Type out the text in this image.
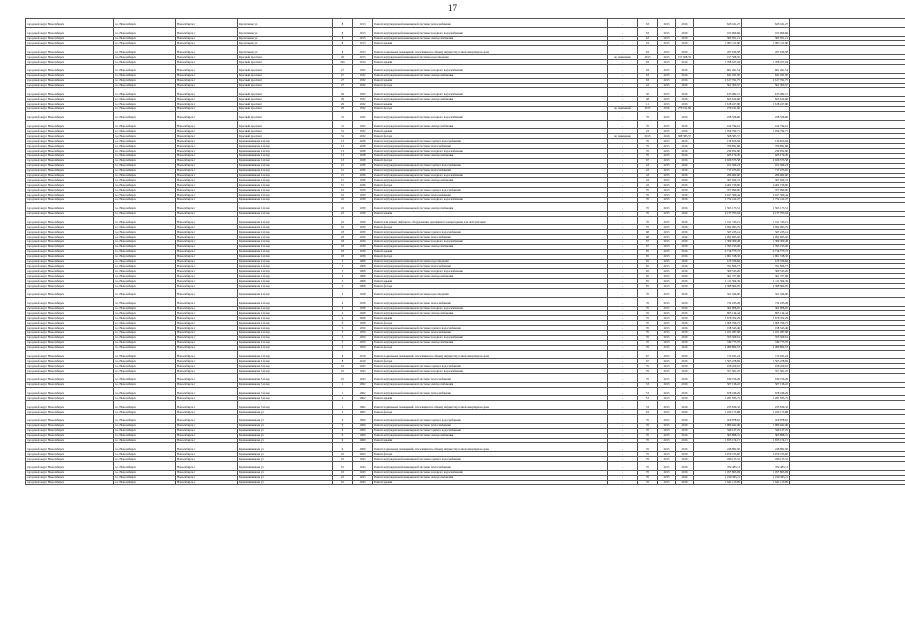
17
городской округ Новосибирск	г.о. Новосибирск	Новосибирск г	Кропоткина ул	8	1913	Ремонт внутридомовой инженерной системы теплоснабжения	-	63	2015	2016	645 161,27	645 161,27	
городской округ Новосибирск	г.о. Новосибирск	Новосибирск г	Кропоткина ул	8	1913	Ремонт внутридомовой инженерной системы холодного водоснабжения	-	63	2015	2016	163 960,69	163 960,69	
городской округ Новосибирск	г.о. Новосибирск	Новосибирск г	Кропоткина ул	8	1913	Ремонт внутридомовой инженерной системы электроснабжения	-	63	2015	2016	305 651,14	305 651,14	
городской округ Новосибирск	г.о. Новосибирск	Новосибирск г	Кропоткина ул	8	1913	Ремонт крыши	-	63	2015	2016	1 805 111,80	1 805 111,80	
городской округ Новосибирск	г.о. Новосибирск	Новосибирск г	Кропоткина ул	8	1913	Ремонт подвальных помещений, относящихся к общему имуществу в многоквартирном доме	-	63	2015	2016	267 630,58	267 630,58	
городской округ Новосибирск	г.о. Новосибирск	Новосибирск г	Красный проспект	20	1913	Ремонт внутридомовой инженерной системы водоотведения	по заявлению	2015	2015	157 508,35	157 508,35		
городской округ Новосибирск	г.о. Новосибирск	Новосибирск г	Красный проспект	20а	1914	Ремонт крыши	-	63	2015	2016	1 768 107,94	1 768 107,94	
городской округ Новосибирск	г.о. Новосибирск	Новосибирск г	Красный проспект	27	1932	Ремонт внутридомовой инженерной системы холодного водоснабжения	-	63	2015	2016	601 261,54	601 261,54	
городской округ Новосибирск	г.о. Новосибирск	Новосибирск г	Красный проспект	27	1932	Ремонт внутридомовой инженерной системы электроснабжения	-	63	2015	2016	641 031,56	641 031,56	
городской округ Новосибирск	г.о. Новосибирск	Новосибирск г	Красный проспект	27	1932	Ремонт крыши	-	63	2015	2016	1 617 761,75	1 617 761,75	
городской округ Новосибирск	г.о. Новосибирск	Новосибирск г	Красный проспект	27	1932	Ремонт фасада	-	43	2015	2016	561 303,57	561 303,57	
городской округ Новосибирск	г.о. Новосибирск	Новосибирск г	Красный проспект	29	1932	Ремонт внутридомовой инженерной системы холодного водоснабжения	-	50	2015	2016	613 082,15	613 082,15	
городской округ Новосибирск	г.о. Новосибирск	Новосибирск г	Красный проспект	29	1932	Ремонт внутридомовой инженерной системы электроснабжения	-	48	2015	2016	625 629,08	625 629,08	
городской округ Новосибирск	г.о. Новосибирск	Новосибирск г	Красный проспект	29	1932	Ремонт крыши	-	11	2015	2016	1 618 227,80	1 618 227,80	
городской округ Новосибирск	г.о. Новосибирск	Новосибирск г	Красный проспект	29	1932	Ремонт фасада	по заявлению	2015	2016	270 191,66	270 191,66		
городской округ Новосибирск	г.о. Новосибирск	Новосибирск г	Красный проспект	31	1932	Ремонт внутридомовой инженерной системы холодного водоснабжения	-	70	2015	2016	238 326,80	238 326,80	
городской округ Новосибирск	г.о. Новосибирск	Новосибирск г	Красный проспект	31	1932	Ремонт внутридомовой инженерной системы электроснабжения	-	70	2015	2016	414 794,61	414 794,61	
городской округ Новосибирск	г.о. Новосибирск	Новосибирск г	Красный проспект	31	1932	Ремонт крыши	-	23	2015	2016	1 059 792,71	1 059 792,71	
городской округ Новосибирск	г.о. Новосибирск	Новосибирск г	Красный проспект	31	1932	Ремонт фасада	по заявлению	2015	2016	568 383,57	568 383,57		
городской округ Новосибирск	г.о. Новосибирск	Новосибирск г	Крашенинникова 2-й пер	13	1928	Ремонт внутридомовой инженерной системы горячего водоснабжения	-	70	2015	2016	136 653,94	136 653,94	
городской округ Новосибирск	г.о. Новосибирск	Новосибирск г	Крашенинникова 2-й пер	13	1928	Ремонт внутридомовой инженерной системы теплоснабжения	-	70	2015	2016	769 891,66	769 891,66	
городской округ Новосибирск	г.о. Новосибирск	Новосибирск г	Крашенинникова 2-й пер	13	1928	Ремонт внутридомовой инженерной системы холодного водоснабжения	-	70	2015	2016	239 052,80	239 052,80	
городской округ Новосибирск	г.о. Новосибирск	Новосибирск г	Крашенинникова 2-й пер	13	1928	Ремонт внутридомовой инженерной системы электроснабжения	-	70	2015	2016	423 170,45	423 170,45	
городской округ Новосибирск	г.о. Новосибирск	Новосибирск г	Крашенинникова 2-й пер	13	1928	Ремонт фасада	-	67	2015	2016	2 026 575,58	2 026 575,58	
городской округ Новосибирск	г.о. Новосибирск	Новосибирск г	Крашенинникова 2-й пер	15	1936	Ремонт внутридомовой инженерной системы горячего водоснабжения	-	43	2015	2016	161 569,23	161 569,23	
городской округ Новосибирск	г.о. Новосибирск	Новосибирск г	Крашенинникова 2-й пер	15	1936	Ремонт внутридомовой инженерной системы теплоснабжения	-	43	2015	2016	717 473,65	717 473,65	
городской округ Новосибирск	г.о. Новосибирск	Новосибирск г	Крашенинникова 2-й пер	15	1936	Ремонт внутридомовой инженерной системы холодного водоснабжения	-	43	2015	2016	266 962,60	266 962,60	
городской округ Новосибирск	г.о. Новосибирск	Новосибирск г	Крашенинникова 2-й пер	15	1936	Ремонт внутридомовой инженерной системы электроснабжения	-	43	2015	2016	367 924,31	367 924,31	
городской округ Новосибирск	г.о. Новосибирск	Новосибирск г	Крашенинникова 2-й пер	15	1936	Ремонт фасада	-	43	2015	2016	2 402 726,60	2 402 726,60	
городской округ Новосибирск	г.о. Новосибирск	Новосибирск г	Крашенинникова 2-й пер	16	1939	Ремонт внутридомовой инженерной системы горячего водоснабжения	-	70	2015	2016	707 090,90	707 090,90	
городской округ Новосибирск	г.о. Новосибирск	Новосибирск г	Крашенинникова 2-й пер	16	1939	Ремонт внутридомовой инженерной системы теплоснабжения	-	70	2015	2016	2 107 560,44	2 107 560,44	
городской округ Новосибирск	г.о. Новосибирск	Новосибирск г	Крашенинникова 2-й пер	16	1939	Ремонт внутридомовой инженерной системы холодного водоснабжения	-	70	2015	2016	1 752 412,27	1 752 412,27	
городской округ Новосибирск	г.о. Новосибирск	Новосибирск г	Крашенинникова 2-й пер	16	1939	Ремонт внутридомовой инженерной системы электроснабжения	-	70	2015	2016	1 503 173,51	1 503 173,51	
городской округ Новосибирск	г.о. Новосибирск	Новосибирск г	Крашенинникова 2-й пер	16	1939	Ремонт крыши	-	70	2015	2016	4 137 793,94	4 137 793,94	
городской округ Новосибирск	г.о. Новосибирск	Новосибирск г	Крашенинникова 2-й пер	16	1939	Ремонт или замена лифтового оборудования, признанного непригодным для эксплуатации	-	70	2015	2016	1 011 743,15	1 011 743,15	
городской округ Новосибирск	г.о. Новосибирск	Новосибирск г	Крашенинникова 2-й пер	16	1939	Ремонт фасада	-	70	2015	2016	2 092 993,79	2 092 993,79	
городской округ Новосибирск	г.о. Новосибирск	Новосибирск г	Крашенинникова 2-й пер	18	1939	Ремонт внутридомовой инженерной системы горячего водоснабжения	-	68	2015	2016	567 225,14	567 225,14	
городской округ Новосибирск	г.о. Новосибирск	Новосибирск г	Крашенинникова 2-й пер	18	1939	Ремонт внутридомовой инженерной системы теплоснабжения	-	68	2015	2016	1 991 665,02	1 991 665,02	
городской округ Новосибирск	г.о. Новосибирск	Новосибирск г	Крашенинникова 2-й пер	18	1939	Ремонт внутридомовой инженерной системы холодного водоснабжения	-	67	2015	2016	1 380 309,28	1 380 309,28	
городской округ Новосибирск	г.о. Новосибирск	Новосибирск г	Крашенинникова 2-й пер	18	1939	Ремонт внутридомовой инженерной системы электроснабжения	-	67	2015	2016	1 395 193,66	1 395 193,66	
городской округ Новосибирск	г.о. Новосибирск	Новосибирск г	Крашенинникова 2-й пер	18	1939	Ремонт крыши	-	65	2015	2016	2 716 775,72	2 716 775,72	
городской округ Новосибирск	г.о. Новосибирск	Новосибирск г	Крашенинникова 2-й пер	18	1939	Ремонт фасада	-	65	2015	2016	1 961 318,32	1 961 318,32	
городской округ Новосибирск	г.о. Новосибирск	Новосибирск г	Крашенинникова 2-й пер	3	1908	Ремонт внутридомовой инженерной системы водоотведения	-	65	2015	2016	125 356,84	125 356,84	
городской округ Новосибирск	г.о. Новосибирск	Новосибирск г	Крашенинникова 2-й пер	3	1908	Ремонт внутридомовой инженерной системы теплоснабжения	-	65	2015	2016	761 836,77	761 836,77	
городской округ Новосибирск	г.о. Новосибирск	Новосибирск г	Крашенинникова 2-й пер	3	1908	Ремонт внутридомовой инженерной системы холодного водоснабжения	-	65	2015	2016	360 533,20	360 533,20	
городской округ Новосибирск	г.о. Новосибирск	Новосибирск г	Крашенинникова 2-й пер	3	1908	Ремонт внутридомовой инженерной системы электроснабжения	-	65	2015	2016	361 757,66	361 757,66	
городской округ Новосибирск	г.о. Новосибирск	Новосибирск г	Крашенинникова 2-й пер	3	1908	Ремонт крыши	-	65	2015	2016	1 111 364,39	1 111 364,39	
городской округ Новосибирск	г.о. Новосибирск	Новосибирск г	Крашенинникова 2-й пер	3	1908	Ремонт фасада	-	65	2015	2016	2 388 666,05	2 388 666,05	
городской округ Новосибирск	г.о. Новосибирск	Новосибирск г	Крашенинникова 2-й пер	4	1928	Ремонт внутридомовой инженерной системы водоотведения	-	70	2015	2016	321 346,90	321 346,90	
городской округ Новосибирск	г.о. Новосибирск	Новосибирск г	Крашенинникова 2-й пер	4	1928	Ремонт внутридомовой инженерной системы теплоснабжения	-	70	2015	2016	732 185,28	732 185,28	
городской округ Новосибирск	г.о. Новосибирск	Новосибирск г	Крашенинникова 2-й пер	4	1928	Ремонт внутридомовой инженерной системы холодного водоснабжения	-	70	2015	2016	362 008,95	362 008,95	
городской округ Новосибирск	г.о. Новосибирск	Новосибирск г	Крашенинникова 2-й пер	4	1928	Ремонт внутридомовой инженерной системы электроснабжения	-	70	2015	2016	605 144,44	605 144,44	
городской округ Новосибирск	г.о. Новосибирск	Новосибирск г	Крашенинникова 2-й пер	4	1928	Ремонт крыши	-	70	2015	2016	1 679 702,29	1 679 702,29	
городской округ Новосибирск	г.о. Новосибирск	Новосибирск г	Крашенинникова 2-й пер	4	1928	Ремонт фасада	-	70	2015	2016	1 965 796,73	1 965 796,73	
городской округ Новосибирск	г.о. Новосибирск	Новосибирск г	Крашенинникова 2-й пер	5	1950	Ремонт внутридомовой инженерной системы горячего водоснабжения	-	70	2015	2016	198 543,46	198 543,46	
городской округ Новосибирск	г.о. Новосибирск	Новосибирск г	Крашенинникова 2-й пер	5	1950	Ремонт внутридомовой инженерной системы теплоснабжения	-	70	2015	2016	1 101 287,08	1 101 287,08	
городской округ Новосибирск	г.о. Новосибирск	Новосибирск г	Крашенинникова 2-й пер	5	1950	Ремонт внутридомовой инженерной системы холодного водоснабжения	-	70	2015	2016	353 569,61	353 569,61	
городской округ Новосибирск	г.о. Новосибирск	Новосибирск г	Крашенинникова 2-й пер	5	1950	Ремонт внутридомовой инженерной системы электроснабжения	-	70	2015	2016	339 773,70	339 773,70	
городской округ Новосибирск	г.о. Новосибирск	Новосибирск г	Крашенинникова 2-й пер	5	1950	Ремонт фасада	-	70	2015	2016	2 480 864,53	2 480 864,53	
городской округ Новосибирск	г.о. Новосибирск	Новосибирск г	Крашенинникова 2-й пер	8	1910	Ремонт подвальных помещений, относящихся к общему имуществу в многоквартирном доме	-	67	2015	2016	713 181,24	713 181,24	
городской округ Новосибирск	г.о. Новосибирск	Новосибирск г	Крашенинникова 2-й пер	8	1910	Ремонт фасада	-	67	2015	2016	1 503 478,84	1 503 478,84	
городской округ Новосибирск	г.о. Новосибирск	Новосибирск г	Крашенинникова 3-й пер	10	1943	Ремонт внутридомовой инженерной системы горячего водоснабжения	-	70	2015	2016	100 450,91	100 450,91	
городской округ Новосибирск	г.о. Новосибирск	Новосибирск г	Крашенинникова 3-й пер	10	1943	Ремонт внутридомовой инженерной системы холодного водоснабжения	-	70	2015	2016	357 561,25	357 561,25	
городской округ Новосибирск	г.о. Новосибирск	Новосибирск г	Крашенинникова 3-й пер	10	1943	Ремонт внутридомовой инженерной системы теплоснабжения	-	70	2015	2016	639 756,26	639 756,26	
городской округ Новосибирск	г.о. Новосибирск	Новосибирск г	Крашенинникова 3-й пер	1	1962	Ремонт внутридомовой инженерной системы электроснабжения	-	53	2015	2016	507 136,22	507 136,22	
городской округ Новосибирск	г.о. Новосибирск	Новосибирск г	Крашенинникова 3-й пер	1	1962	Ремонт внутридомовой инженерной системы теплоснабжения	-	53	2015	2016	678 246,29	678 246,29	
городской округ Новосибирск	г.о. Новосибирск	Новосибирск г	Крашенинникова 3-й пер	1	1962	Ремонт крыши	-	53	2015	2016	1 281 835,75	1 281 835,75	
городской округ Новосибирск	г.о. Новосибирск	Новосибирск г	Крашенинникова 3-й пер	1	1962	Ремонт подвальных помещений, относящихся к общему имуществу в многоквартирном доме	-	53	2015	2016	233 630,32	233 630,32	
городской округ Новосибирск	г.о. Новосибирск	Новосибирск г	Крашенинникова ул	5	1965	Ремонт фасада	-	63	2015	2016	1 243 173,68	1 243 173,68	
городской округ Новосибирск	г.о. Новосибирск	Новосибирск г	Крашенинникова ул	9	1960	Ремонт внутридомовой инженерной системы горячего водоснабжения	-	70	2015	2016	450 878,81	450 878,81	
городской округ Новосибирск	г.о. Новосибирск	Новосибирск г	Крашенинникова ул	9	1960	Ремонт внутридомовой инженерной системы теплоснабжения	-	70	2015	2016	1 080 041,00	1 080 041,00	
городской округ Новосибирск	г.о. Новосибирск	Новосибирск г	Крашенинникова ул	9	1960	Ремонт внутридомовой инженерной системы горячего водоснабжения	-	70	2015	2016	340 127,25	340 127,25	
городской округ Новосибирск	г.о. Новосибирск	Новосибирск г	Крашенинникова ул	9	1960	Ремонт внутридомовой инженерной системы электроснабжения	-	70	2015	2016	363 898,31	363 898,31	
городской округ Новосибирск	г.о. Новосибирск	Новосибирск г	Крашенинникова ул	9	1960	Ремонт крыши	-	70	2015	2016	1 635 174,17	1 635 174,17	
городской округ Новосибирск	г.о. Новосибирск	Новосибирск г	Крашенинникова ул	9	1960	Ремонт подвальных помещений, относящихся к общему имуществу в многоквартирном доме	-	70	2015	2016	248 892,50	248 892,50	
городской округ Новосибирск	г.о. Новосибирск	Новосибирск г	Крашенинникова ул	10	1943	Ремонт фасада	-	70	2015	2016	2 070 723,60	2 070 723,60	
городской округ Новосибирск	г.о. Новосибирск	Новосибирск г	Крашенинникова ул	10	1943	Ремонт внутридомовой инженерной системы горячего водоснабжения	-	70	2015	2016	246 115,31	246 115,31	
городской округ Новосибирск	г.о. Новосибирск	Новосибирск г	Крашенинникова ул	10	1943	Ремонт внутридомовой инженерной системы теплоснабжения	-	70	2015	2016	702 483,11	702 483,11	
городской округ Новосибирск	г.о. Новосибирск	Новосибирск г	Крашенинникова ул	10	1943	Ремонт внутридомовой инженерной системы холодного водоснабжения	-	70	2015	2016	1 057 803,09	1 057 803,09	
городской округ Новосибирск	г.о. Новосибирск	Новосибирск г	Крашенинникова ул	10	1943	Ремонт внутридомовой инженерной системы электроснабжения	-	70	2015	2016	1 199 363,11	1 199 363,11	
городской округ Новосибирск	г.о. Новосибирск	Новосибирск г	Крашенинникова ул	10	1943	Ремонт крыши	-	70	2015	2016	1 641 113,85	1 641 113,85	
